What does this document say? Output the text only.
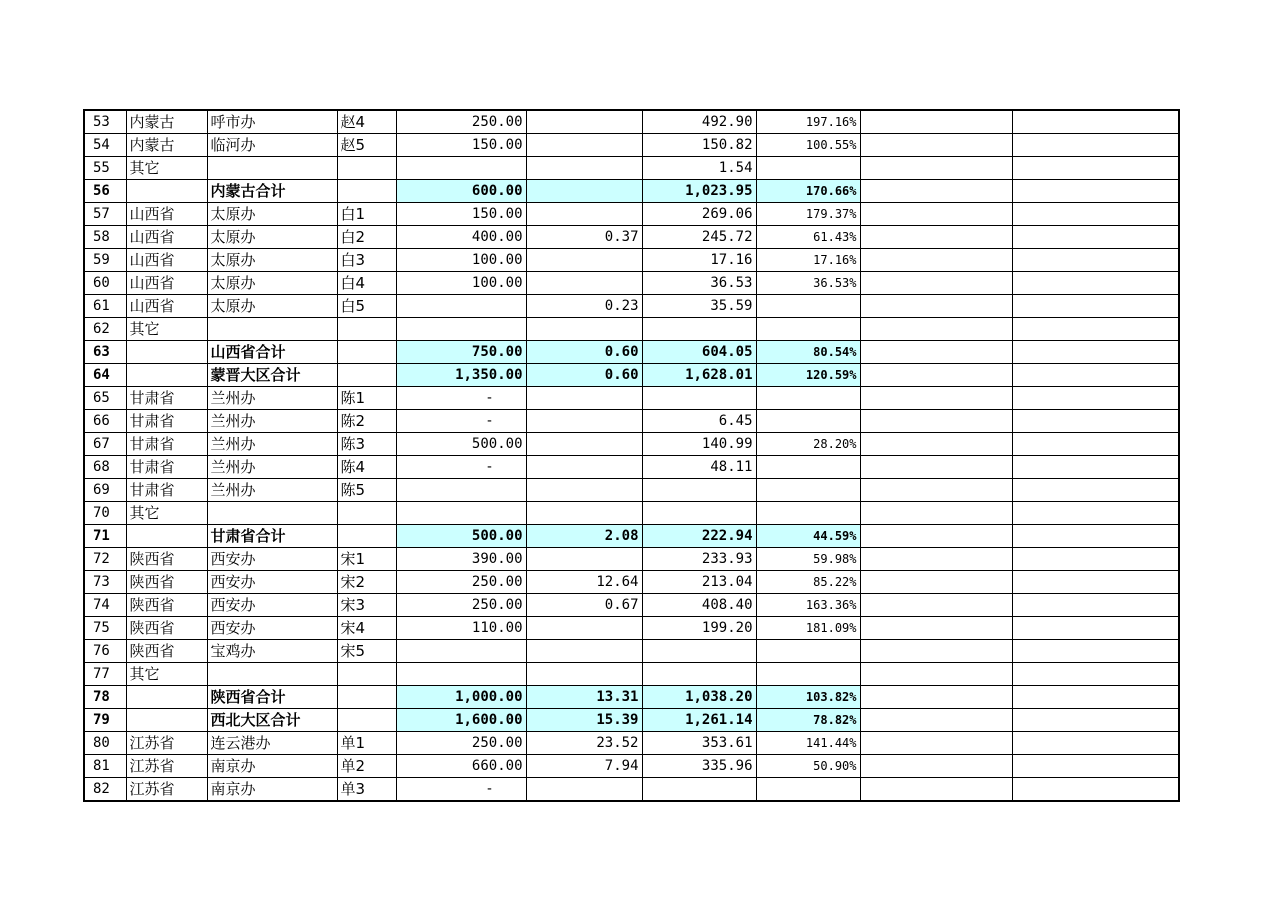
53	内蒙古	呼市办	赵4	250.00		492.90	197.16%		
54	内蒙古	临河办	赵5	150.00		150.82	100.55%		
55	其它					1.54			
56		内蒙古合计		600.00		1,023.95	170.66%		
57	山西省	太原办	白1	150.00		269.06	179.37%		
58	山西省	太原办	白2	400.00	0.37	245.72	61.43%		
59	山西省	太原办	白3	100.00		17.16	17.16%		
60	山西省	太原办	白4	100.00		36.53	36.53%		
61	山西省	太原办	白5		0.23	35.59			
62	其它								
63		山西省合计		750.00	0.60	604.05	80.54%		
64		蒙晋大区合计		1,350.00	0.60	1,628.01	120.59%		
65	甘肃省	兰州办	陈1	-					
66	甘肃省	兰州办	陈2	-		6.45			
67	甘肃省	兰州办	陈3	500.00		140.99	28.20%		
68	甘肃省	兰州办	陈4	-		48.11			
69	甘肃省	兰州办	陈5						
70	其它								
71		甘肃省合计		500.00	2.08	222.94	44.59%		
72	陕西省	西安办	宋1	390.00		233.93	59.98%		
73	陕西省	西安办	宋2	250.00	12.64	213.04	85.22%		
74	陕西省	西安办	宋3	250.00	0.67	408.40	163.36%		
75	陕西省	西安办	宋4	110.00		199.20	181.09%		
76	陕西省	宝鸡办	宋5						
77	其它								
78		陕西省合计		1,000.00	13.31	1,038.20	103.82%		
79		西北大区合计		1,600.00	15.39	1,261.14	78.82%		
80	江苏省	连云港办	单1	250.00	23.52	353.61	141.44%		
81	江苏省	南京办	单2	660.00	7.94	335.96	50.90%		
82	江苏省	南京办	单3	-					
